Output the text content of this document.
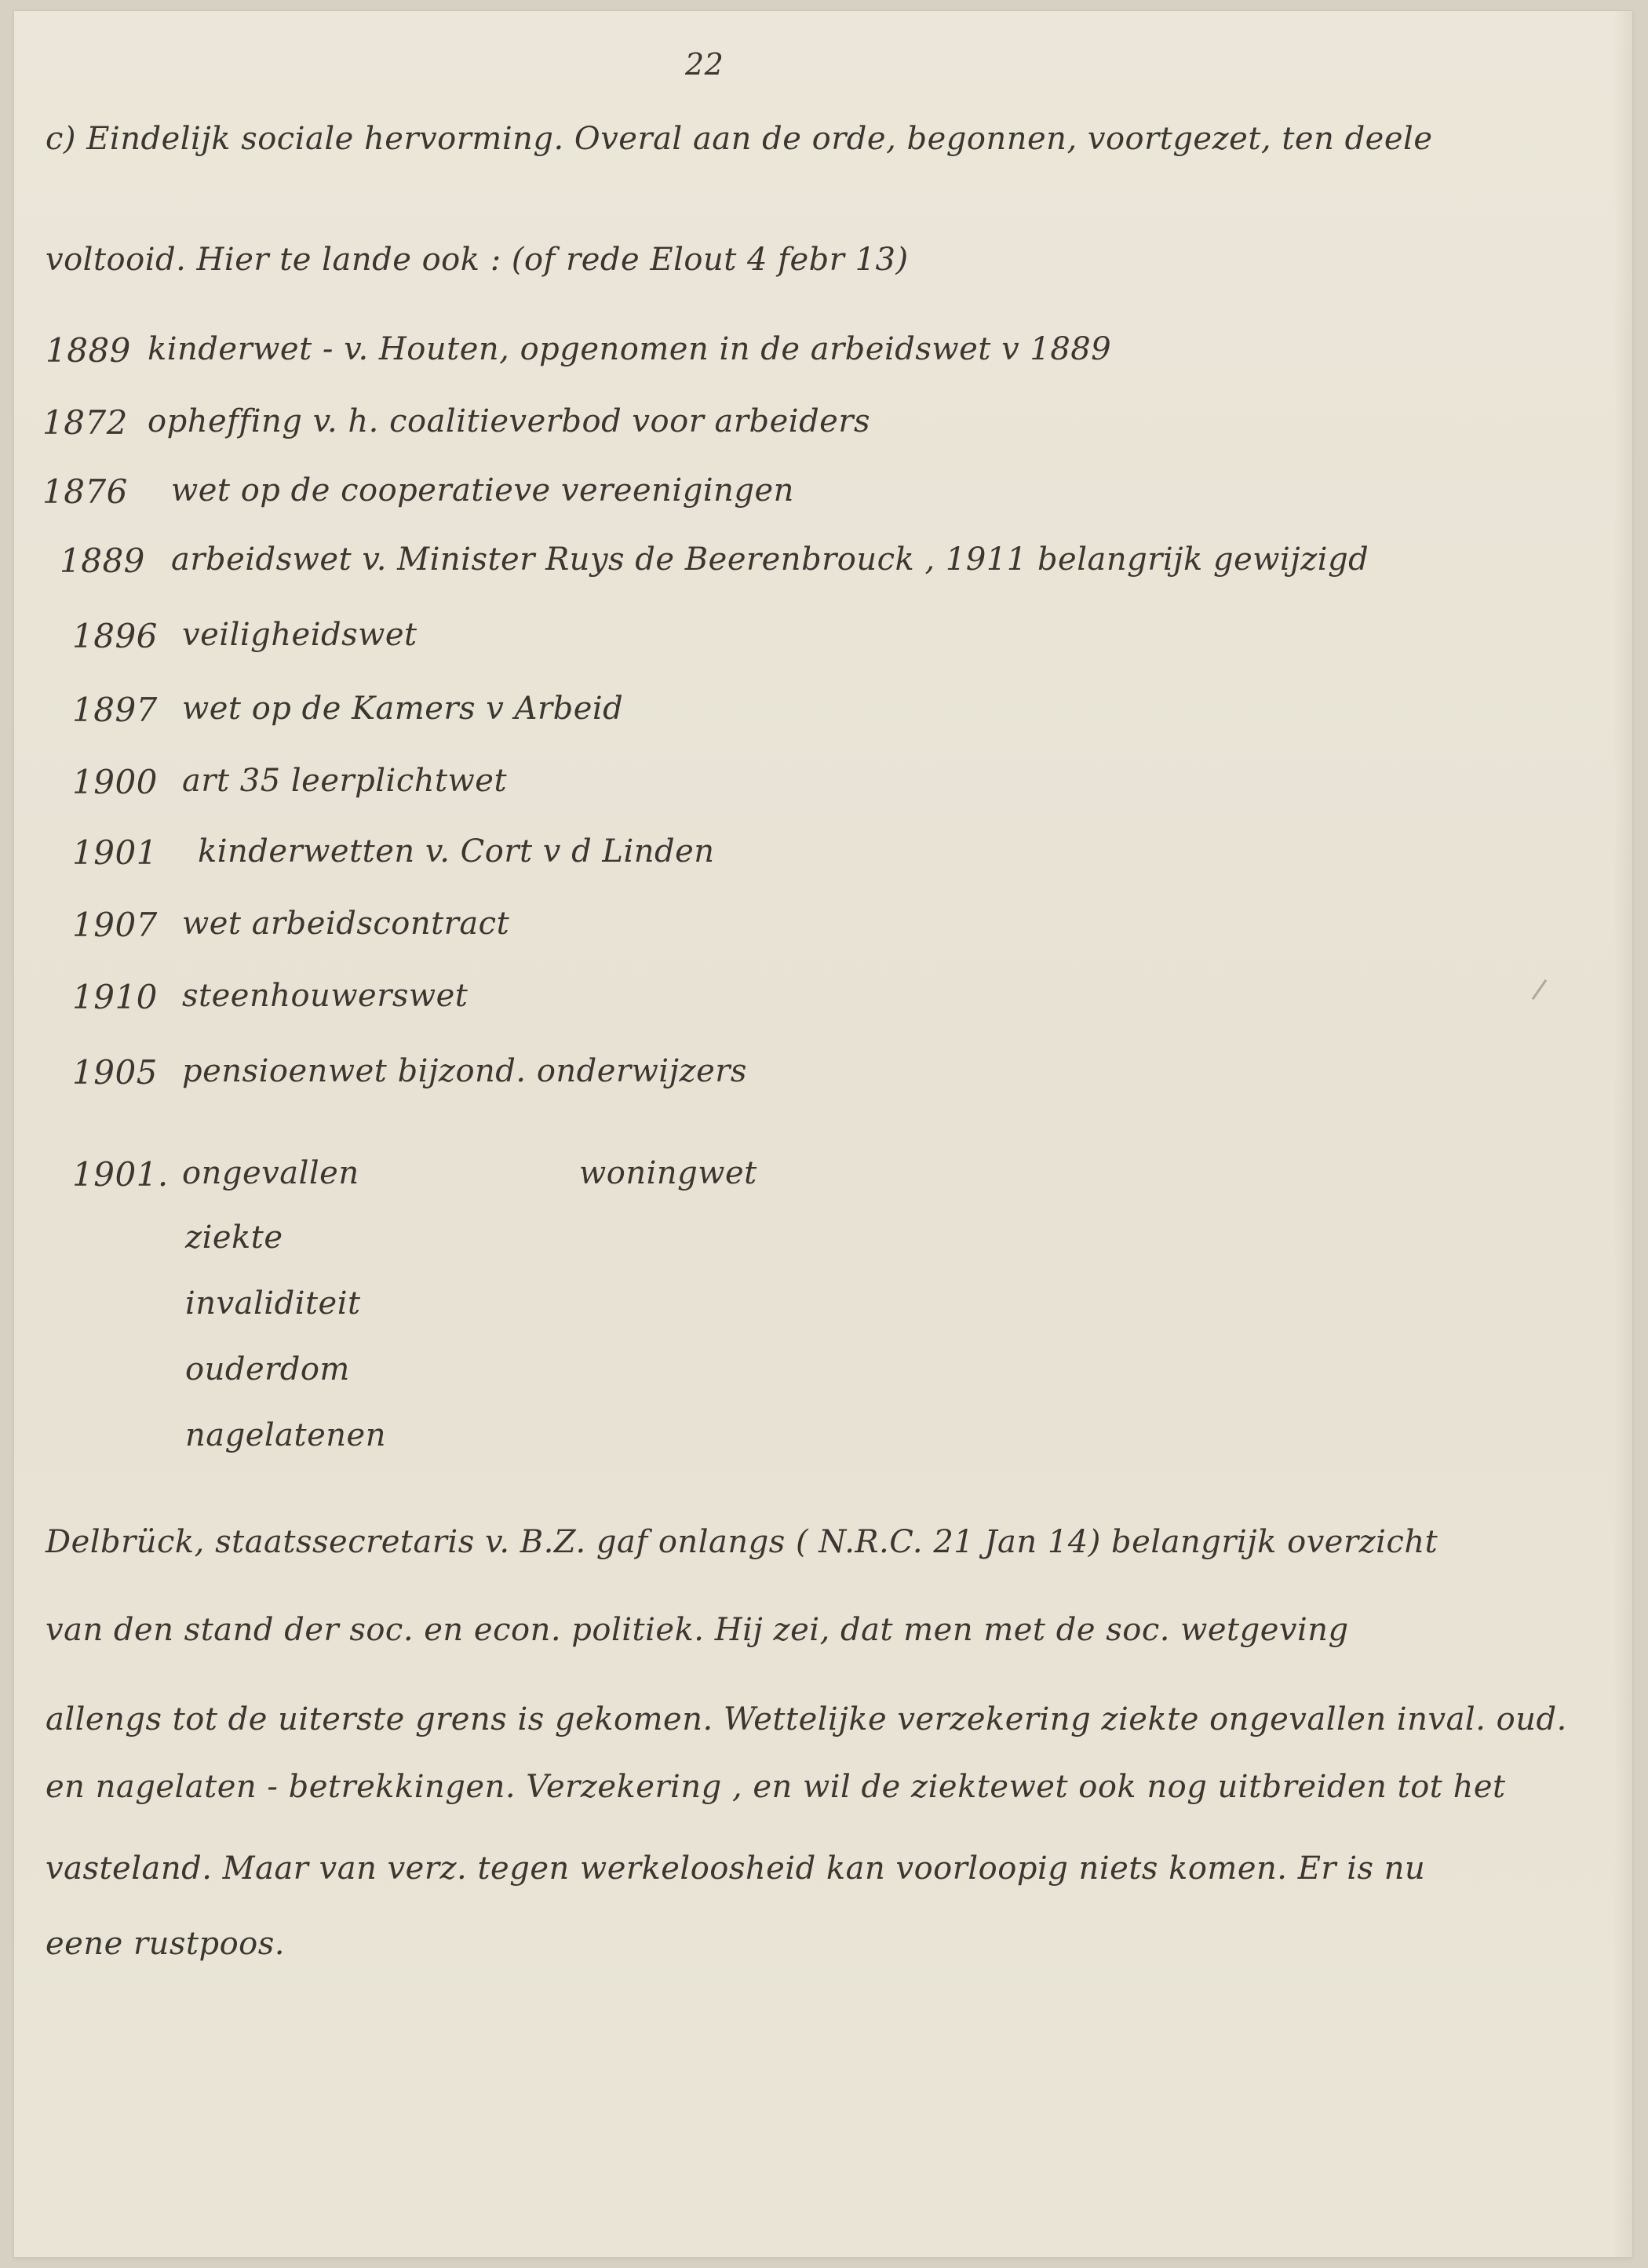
22

c) Eindelijk sociale hervorming. Overal aan de orde, begonnen, voortgezet, ten deele

voltooid. Hier te lande ook : (of rede Elout 4 febr 13)

1889 kinderwet - v. Houten, opgenomen in de arbeidswet v 1889

1872 opheffing v. h. coalitieverbod voor arbeiders

1876 wet op de cooperatieve vereenigingen

1889 arbeidswet v. Minister Ruys de Beerenbrouck , 1911 belangrijk gewijzigd

1896 veiligheidswet

1897 wet op de Kamers v Arbeid

1900 art 35 leerplichtwet

1901 kinderwetten v. Cort v d Linden

1907 wet arbeidscontract

1910 steenhouwerswet

1905 pensioenwet bijzond. onderwijzers

1901. ongevallen	woningwet

ziekte

invaliditeit

ouderdom

nagelatenen

Delbrück, staatssecretaris v. B.Z. gaf onlangs ( N.R.C. 21 Jan 14) belangrijk overzicht

van den stand der soc. en econ. politiek. Hij zei, dat men met de soc. wetgeving

allengs tot de uiterste grens is gekomen. Wettelijke verzekering ziekte ongevallen inval. oud.

en nagelaten - betrekkingen. Verzekering , en wil de ziektewet ook nog uitbreiden tot het

vasteland. Maar van verz. tegen werkeloosheid kan voorloopig niets komen. Er is nu

eene rustpoos.
